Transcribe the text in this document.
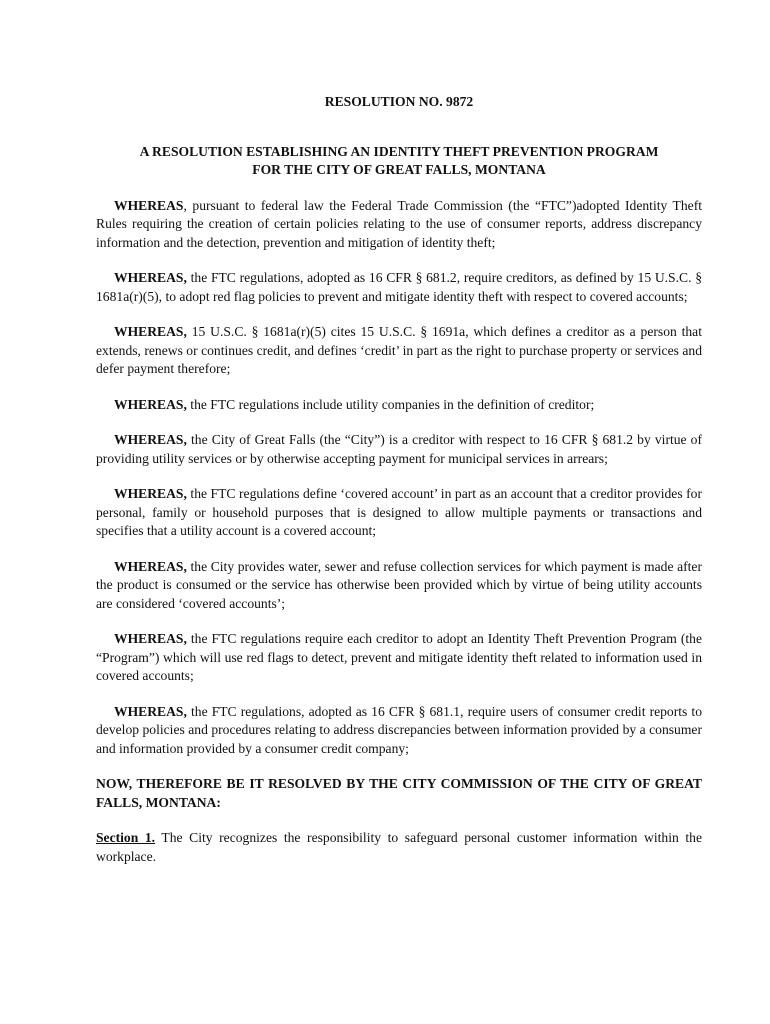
RESOLUTION NO. 9872

A RESOLUTION ESTABLISHING AN IDENTITY THEFT PREVENTION PROGRAM

FOR THE CITY OF GREAT FALLS, MONTANA

WHEREAS, pursuant to federal law the Federal Trade Commission (the “FTC”)adopted Identity Theft Rules requiring the creation of certain policies relating to the use of consumer reports, address discrepancy information and the detection, prevention and mitigation of identity theft;

WHEREAS, the FTC regulations, adopted as 16 CFR § 681.2, require creditors, as defined by 15 U.S.C. § 1681a(r)(5), to adopt red flag policies to prevent and mitigate identity theft with respect to covered accounts;

WHEREAS, 15 U.S.C. § 1681a(r)(5) cites 15 U.S.C. § 1691a, which defines a creditor as a person that extends, renews or continues credit, and defines ‘credit’ in part as the right to purchase property or services and defer payment therefore;

WHEREAS, the FTC regulations include utility companies in the definition of creditor;

WHEREAS, the City of Great Falls (the “City”) is a creditor with respect to 16 CFR § 681.2 by virtue of providing utility services or by otherwise accepting payment for municipal services in arrears;

WHEREAS, the FTC regulations define ‘covered account’ in part as an account that a creditor provides for personal, family or household purposes that is designed to allow multiple payments or transactions and specifies that a utility account is a covered account;

WHEREAS, the City provides water, sewer and refuse collection services for which payment is made after the product is consumed or the service has otherwise been provided which by virtue of being utility accounts are considered ‘covered accounts’;

WHEREAS, the FTC regulations require each creditor to adopt an Identity Theft Prevention Program (the “Program”) which will use red flags to detect, prevent and mitigate identity theft related to information used in covered accounts;

WHEREAS, the FTC regulations, adopted as 16 CFR § 681.1, require users of consumer credit reports to develop policies and procedures relating to address discrepancies between information provided by a consumer and information provided by a consumer credit company;

NOW, THEREFORE BE IT RESOLVED BY THE CITY COMMISSION OF THE CITY OF GREAT FALLS, MONTANA:

Section 1. The City recognizes the responsibility to safeguard personal customer information within the workplace.
